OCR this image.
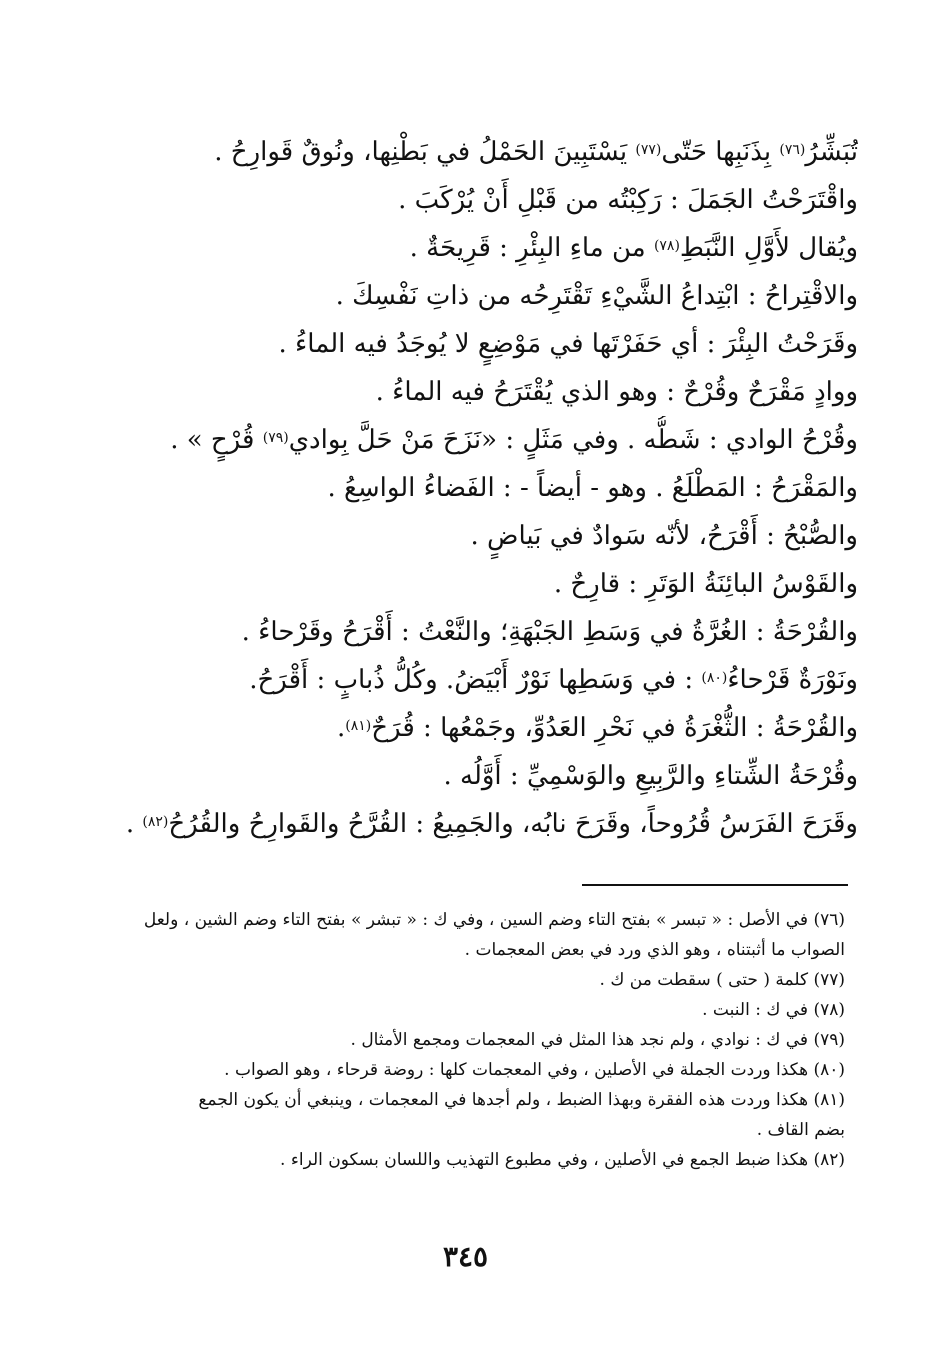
تُبَشِّرُ$^{(٧٦)}$ بِذَنَبِها حَتّى$^{(٧٧)}$ يَسْتَبِينَ الحَمْلُ في بَطْنِها، ونُوقٌ قَوارِحُ .
واقْتَرَحْتُ الجَمَلَ : رَكِبْتُه من قَبْلِ أَنْ يُرْكَبَ .
ويُقال لأَوَّلِ النَّبَطِ$^{(٧٨)}$ من ماءِ البِئْرِ : قَرِيحَةٌ .
والاقْتِراحُ : ابْتِداعُ الشَّيْءِ تَقْتَرِحُه من ذاتِ نَفْسِكَ .
وقَرَحْتُ البِئْرَ : أي حَفَرْتَها في مَوْضِعٍ لا يُوجَدُ فيه الماءُ .
ووادٍ مَقْرَحٌ وقُرْحٌ : وهو الذي يُقْتَرَحُ فيه الماءُ .
وقُرْحُ الوادي : شَطُّه . وفي مَثَلٍ : «نَزَحَ مَنْ حَلَّ بِوادي$^{(٧٩)}$ قُرْحٍ » .
والمَقْرَحُ : المَطْلَعُ . وهو - أيضاً - : الفَضاءُ الواسِعُ .
والصُّبْحُ : أَقْرَحُ، لأنّه سَوادٌ في بَياضٍ .
والقَوْسُ البائِنَةُ الوَتَرِ : قارِحٌ .
والقُرْحَةُ : الغُرَّةُ في وَسَطِ الجَبْهَةِ؛ والنَّعْتُ : أَقْرَحُ وقَرْحاءُ .
ونَوْرَةٌ قَرْحاءُ$^{(٨٠)}$ : في وَسَطِها نَوْرٌ أَبْيَضُ. وكُلُّ ذُبابٍ : أَقْرَحُ.
والقُرْحَةُ : الثُّغْرَةُ في نَحْرِ العَدُوِّ، وجَمْعُها : قُرَحٌ$^{(٨١)}$.
وقُرْحَةُ الشِّتاءِ والرَّبِيعِ والوَسْمِيِّ : أَوَّلُه .
وقَرَحَ الفَرَسُ قُرُوحاً، وقَرَحَ نابُه، والجَمِيعُ : القُرَّحُ والقَوارِحُ والقُرُحُ$^{(٨٢)}$ .
(٧٦) في الأصل : « تبسر » بفتح التاء وضم السين ، وفي ك : « تبشر » بفتح التاء وضم الشين ، ولعل
الصواب ما أثبتناه ، وهو الذي ورد في بعض المعجمات .
(٧٧) كلمة ( حتى ) سقطت من ك .
(٧٨) في ك : النبت .
(٧٩) في ك : نوادي ، ولم نجد هذا المثل في المعجمات ومجمع الأمثال .
(٨٠) هكذا وردت الجملة في الأصلين ، وفي المعجمات كلها : روضة قرحاء ، وهو الصواب .
(٨١) هكذا وردت هذه الفقرة وبهذا الضبط ، ولم أجدها في المعجمات ، وينبغي أن يكون الجمع
بضم القاف .
(٨٢) هكذا ضبط الجمع في الأصلين ، وفي مطبوع التهذيب واللسان بسكون الراء .
٣٤٥
